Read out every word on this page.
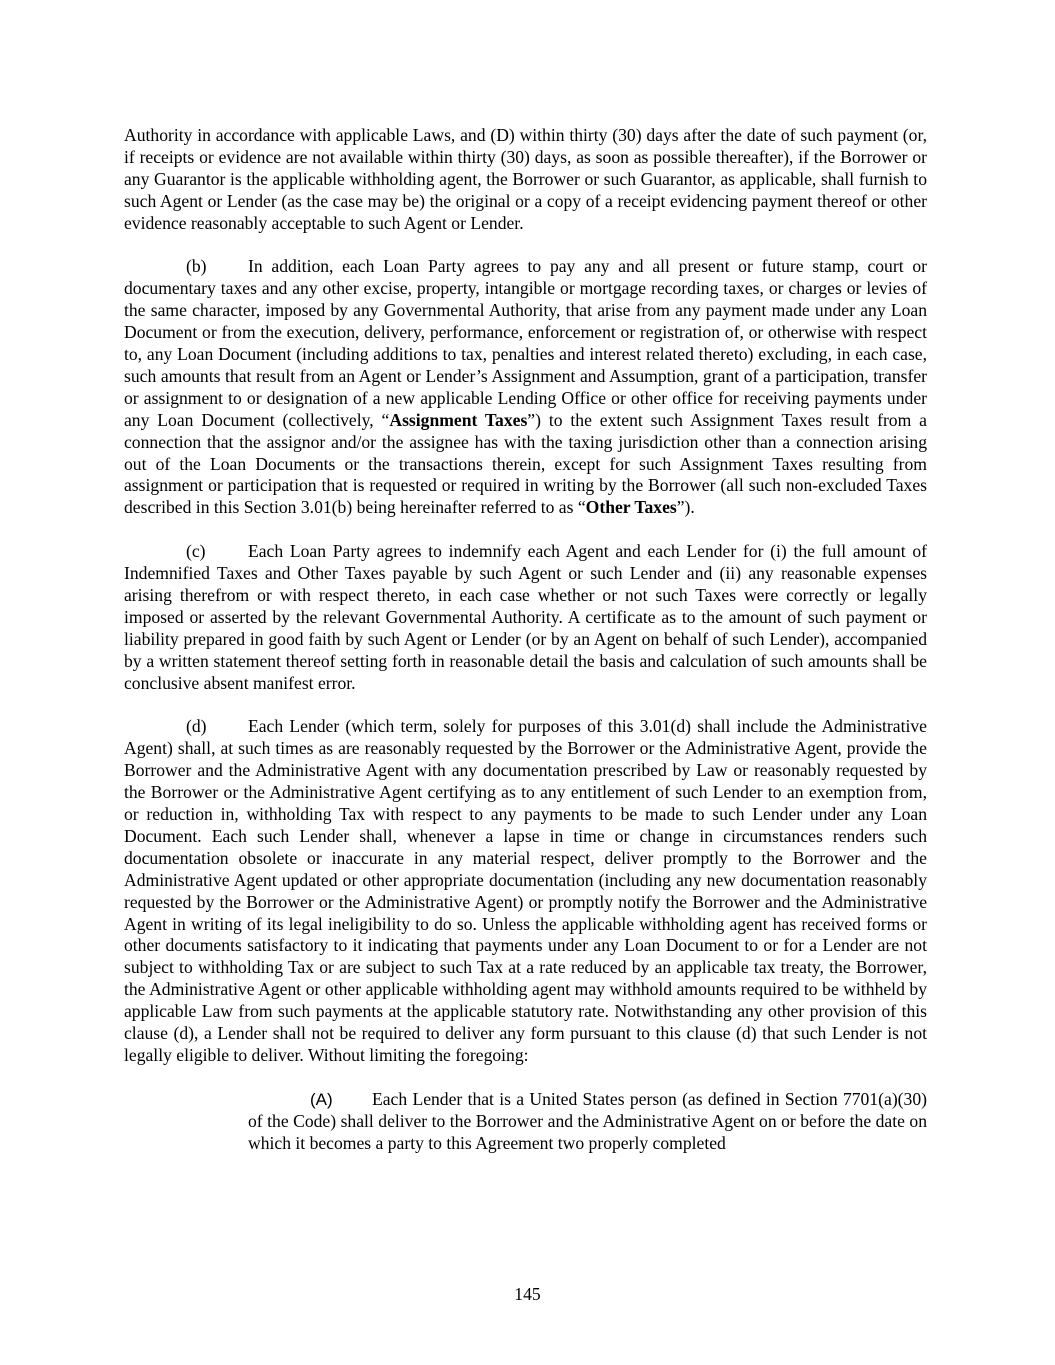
Authority in accordance with applicable Laws, and (D) within thirty (30) days after the date of such payment (or, if receipts or evidence are not available within thirty (30) days, as soon as possible thereafter), if the Borrower or any Guarantor is the applicable withholding agent, the Borrower or such Guarantor, as applicable, shall furnish to such Agent or Lender (as the case may be) the original or a copy of a receipt evidencing payment thereof or other evidence reasonably acceptable to such Agent or Lender.

(b) In addition, each Loan Party agrees to pay any and all present or future stamp, court or documentary taxes and any other excise, property, intangible or mortgage recording taxes, or charges or levies of the same character, imposed by any Governmental Authority, that arise from any payment made under any Loan Document or from the execution, delivery, performance, enforcement or registration of, or otherwise with respect to, any Loan Document (including additions to tax, penalties and interest related thereto) excluding, in each case, such amounts that result from an Agent or Lender’s Assignment and Assumption, grant of a participation, transfer or assignment to or designation of a new applicable Lending Office or other office for receiving payments under any Loan Document (collectively, “Assignment Taxes”) to the extent such Assignment Taxes result from a connection that the assignor and/or the assignee has with the taxing jurisdiction other than a connection arising out of the Loan Documents or the transactions therein, except for such Assignment Taxes resulting from assignment or participation that is requested or required in writing by the Borrower (all such non-excluded Taxes described in this Section 3.01(b) being hereinafter referred to as “Other Taxes”).

(c) Each Loan Party agrees to indemnify each Agent and each Lender for (i) the full amount of Indemnified Taxes and Other Taxes payable by such Agent or such Lender and (ii) any reasonable expenses arising therefrom or with respect thereto, in each case whether or not such Taxes were correctly or legally imposed or asserted by the relevant Governmental Authority. A certificate as to the amount of such payment or liability prepared in good faith by such Agent or Lender (or by an Agent on behalf of such Lender), accompanied by a written statement thereof setting forth in reasonable detail the basis and calculation of such amounts shall be conclusive absent manifest error.

(d) Each Lender (which term, solely for purposes of this 3.01(d) shall include the Administrative Agent) shall, at such times as are reasonably requested by the Borrower or the Administrative Agent, provide the Borrower and the Administrative Agent with any documentation prescribed by Law or reasonably requested by the Borrower or the Administrative Agent certifying as to any entitlement of such Lender to an exemption from, or reduction in, withholding Tax with respect to any payments to be made to such Lender under any Loan Document. Each such Lender shall, whenever a lapse in time or change in circumstances renders such documentation obsolete or inaccurate in any material respect, deliver promptly to the Borrower and the Administrative Agent updated or other appropriate documentation (including any new documentation reasonably requested by the Borrower or the Administrative Agent) or promptly notify the Borrower and the Administrative Agent in writing of its legal ineligibility to do so. Unless the applicable withholding agent has received forms or other documents satisfactory to it indicating that payments under any Loan Document to or for a Lender are not subject to withholding Tax or are subject to such Tax at a rate reduced by an applicable tax treaty, the Borrower, the Administrative Agent or other applicable withholding agent may withhold amounts required to be withheld by applicable Law from such payments at the applicable statutory rate. Notwithstanding any other provision of this clause (d), a Lender shall not be required to deliver any form pursuant to this clause (d) that such Lender is not legally eligible to deliver. Without limiting the foregoing:

(A) Each Lender that is a United States person (as defined in Section 7701(a)(30) of the Code) shall deliver to the Borrower and the Administrative Agent on or before the date on which it becomes a party to this Agreement two properly completed

145
